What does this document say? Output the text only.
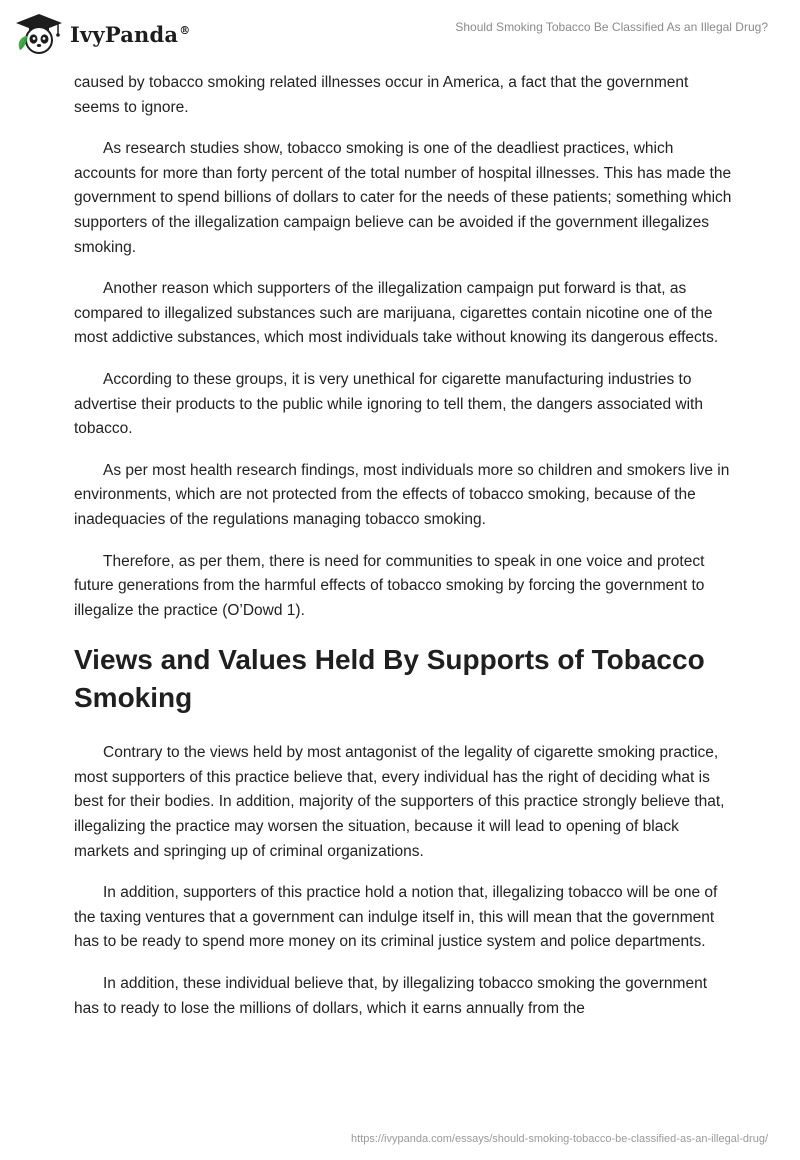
IvyPanda®	Should Smoking Tobacco Be Classified As an Illegal Drug?

caused by tobacco smoking related illnesses occur in America, a fact that the government seems to ignore.

As research studies show, tobacco smoking is one of the deadliest practices, which accounts for more than forty percent of the total number of hospital illnesses. This has made the government to spend billions of dollars to cater for the needs of these patients; something which supporters of the illegalization campaign believe can be avoided if the government illegalizes smoking.

Another reason which supporters of the illegalization campaign put forward is that, as compared to illegalized substances such are marijuana, cigarettes contain nicotine one of the most addictive substances, which most individuals take without knowing its dangerous effects.

According to these groups, it is very unethical for cigarette manufacturing industries to advertise their products to the public while ignoring to tell them, the dangers associated with tobacco.

As per most health research findings, most individuals more so children and smokers live in environments, which are not protected from the effects of tobacco smoking, because of the inadequacies of the regulations managing tobacco smoking.

Therefore, as per them, there is need for communities to speak in one voice and protect future generations from the harmful effects of tobacco smoking by forcing the government to illegalize the practice (O’Dowd 1).

Views and Values Held By Supports of Tobacco Smoking

Contrary to the views held by most antagonist of the legality of cigarette smoking practice, most supporters of this practice believe that, every individual has the right of deciding what is best for their bodies. In addition, majority of the supporters of this practice strongly believe that, illegalizing the practice may worsen the situation, because it will lead to opening of black markets and springing up of criminal organizations.

In addition, supporters of this practice hold a notion that, illegalizing tobacco will be one of the taxing ventures that a government can indulge itself in, this will mean that the government has to be ready to spend more money on its criminal justice system and police departments.

In addition, these individual believe that, by illegalizing tobacco smoking the government has to ready to lose the millions of dollars, which it earns annually from the

https://ivypanda.com/essays/should-smoking-tobacco-be-classified-as-an-illegal-drug/
